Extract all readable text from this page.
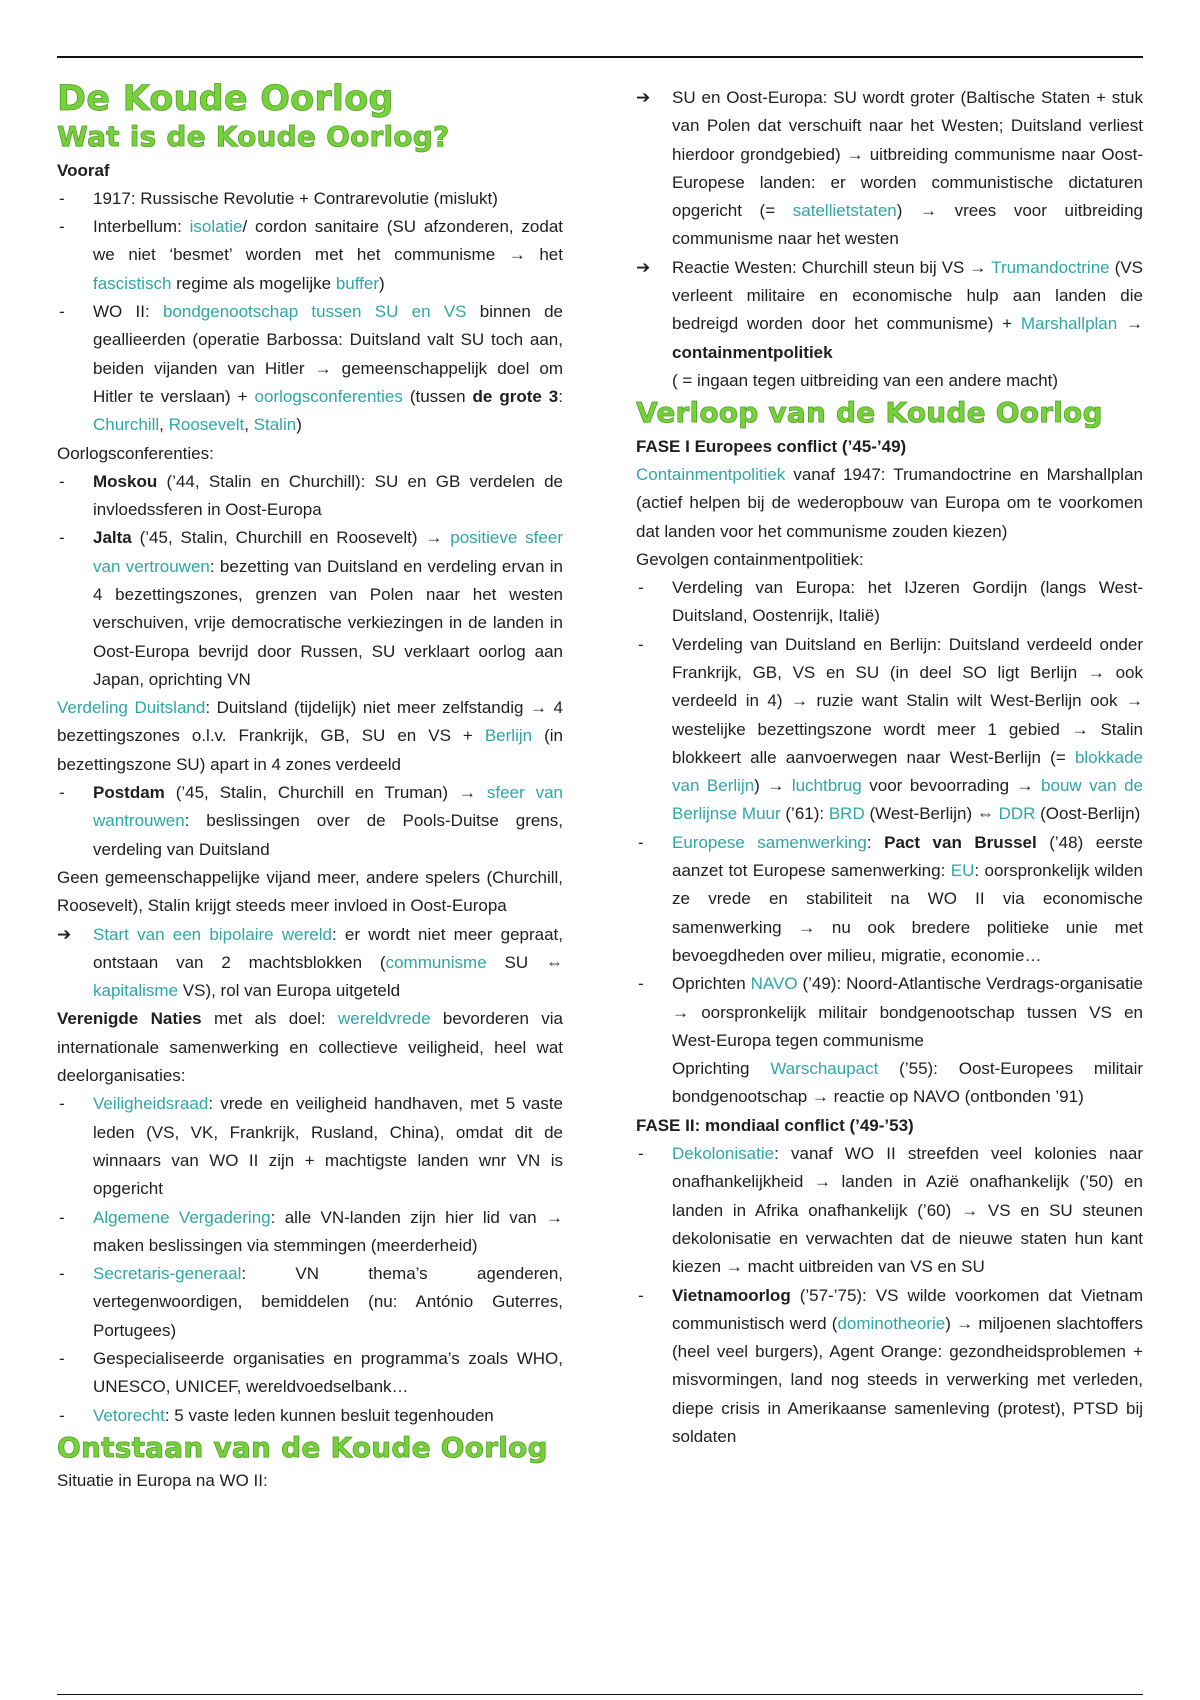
De Koude Oorlog
Wat is de Koude Oorlog?

Vooraf

- 1917: Russische Revolutie + Contrarevolutie (mislukt)
- Interbellum: isolatie/ cordon sanitaire (SU afzonderen, zodat we niet ‘besmet’ worden met het communisme → het fascistisch regime als mogelijke buffer)
- WO II: bondgenootschap tussen SU en VS binnen de geallieerden (operatie Barbossa: Duitsland valt SU toch aan, beiden vijanden van Hitler → gemeenschappelijk doel om Hitler te verslaan) + oorlogsconferenties (tussen de grote 3: Churchill, Roosevelt, Stalin)

Oorlogsconferenties:

- Moskou (’44, Stalin en Churchill): SU en GB verdelen de invloedssferen in Oost-Europa
- Jalta (’45, Stalin, Churchill en Roosevelt) → positieve sfeer van vertrouwen: bezetting van Duitsland en verdeling ervan in 4 bezettingszones, grenzen van Polen naar het westen verschuiven, vrije democratische verkiezingen in de landen in Oost-Europa bevrijd door Russen, SU verklaart oorlog aan Japan, oprichting VN

Verdeling Duitsland: Duitsland (tijdelijk) niet meer zelfstandig → 4 bezettingszones o.l.v. Frankrijk, GB, SU en VS + Berlijn (in bezettingszone SU) apart in 4 zones verdeeld

- Postdam (’45, Stalin, Churchill en Truman) → sfeer van wantrouwen: beslissingen over de Pools-Duitse grens, verdeling van Duitsland

Geen gemeenschappelijke vijand meer, andere spelers (Churchill, Roosevelt), Stalin krijgt steeds meer invloed in Oost-Europa

➔ Start van een bipolaire wereld: er wordt niet meer gepraat, ontstaan van 2 machtsblokken (communisme SU ⇔ kapitalisme VS), rol van Europa uitgeteld

Verenigde Naties met als doel: wereldvrede bevorderen via internationale samenwerking en collectieve veiligheid, heel wat deelorganisaties:

- Veiligheidsraad: vrede en veiligheid handhaven, met 5 vaste leden (VS, VK, Frankrijk, Rusland, China), omdat dit de winnaars van WO II zijn + machtigste landen wnr VN is opgericht
- Algemene Vergadering: alle VN-landen zijn hier lid van → maken beslissingen via stemmingen (meerderheid)
- Secretaris-generaal: VN thema’s agenderen, vertegenwoordigen, bemiddelen (nu: António Guterres, Portugees)
- Gespecialiseerde organisaties en programma’s zoals WHO, UNESCO, UNICEF, wereldvoedselbank…
- Vetorecht: 5 vaste leden kunnen besluit tegenhouden
Ontstaan van de Koude Oorlog

Situatie in Europa na WO II:

➔ SU en Oost-Europa: SU wordt groter (Baltische Staten + stuk van Polen dat verschuift naar het Westen; Duitsland verliest hierdoor grondgebied) → uitbreiding communisme naar Oost-Europese landen: er worden communistische dictaturen opgericht (= satellietstaten) → vrees voor uitbreiding communisme naar het westen
➔ Reactie Westen: Churchill steun bij VS → Trumandoctrine (VS verleent militaire en economische hulp aan landen die bedreigd worden door het communisme) + Marshallplan → containmentpolitiek
( = ingaan tegen uitbreiding van een andere macht)
Verloop van de Koude Oorlog

FASE I Europees conflict (’45-’49)

Containmentpolitiek vanaf 1947: Trumandoctrine en Marshallplan (actief helpen bij de wederopbouw van Europa om te voorkomen dat landen voor het communisme zouden kiezen)

Gevolgen containmentpolitiek:

- Verdeling van Europa: het IJzeren Gordijn (langs West-Duitsland, Oostenrijk, Italië)
- Verdeling van Duitsland en Berlijn: Duitsland verdeeld onder Frankrijk, GB, VS en SU (in deel SO ligt Berlijn → ook verdeeld in 4) → ruzie want Stalin wilt West-Berlijn ook → westelijke bezettingszone wordt meer 1 gebied → Stalin blokkeert alle aanvoerwegen naar West-Berlijn (= blokkade van Berlijn) → luchtbrug voor bevoorrading → bouw van de Berlijnse Muur (’61): BRD (West-Berlijn) ⇔ DDR (Oost-Berlijn)
- Europese samenwerking: Pact van Brussel (’48) eerste aanzet tot Europese samenwerking: EU: oorspronkelijk wilden ze vrede en stabiliteit na WO II via economische samenwerking → nu ook bredere politieke unie met bevoegdheden over milieu, migratie, economie…
- Oprichten NAVO (’49): Noord-Atlantische Verdrags-organisatie → oorspronkelijk militair bondgenootschap tussen VS en West-Europa tegen communisme
Oprichting Warschaupact (’55): Oost-Europees militair bondgenootschap → reactie op NAVO (ontbonden ’91)

FASE II: mondiaal conflict (’49-’53)

- Dekolonisatie: vanaf WO II streefden veel kolonies naar onafhankelijkheid → landen in Azië onafhankelijk (’50) en landen in Afrika onafhankelijk (’60) → VS en SU steunen dekolonisatie en verwachten dat de nieuwe staten hun kant kiezen → macht uitbreiden van VS en SU
- Vietnamoorlog (’57-’75): VS wilde voorkomen dat Vietnam communistisch werd (dominotheorie) → miljoenen slachtoffers (heel veel burgers), Agent Orange: gezondheidsproblemen + misvormingen, land nog steeds in verwerking met verleden, diepe crisis in Amerikaanse samenleving (protest), PTSD bij soldaten
